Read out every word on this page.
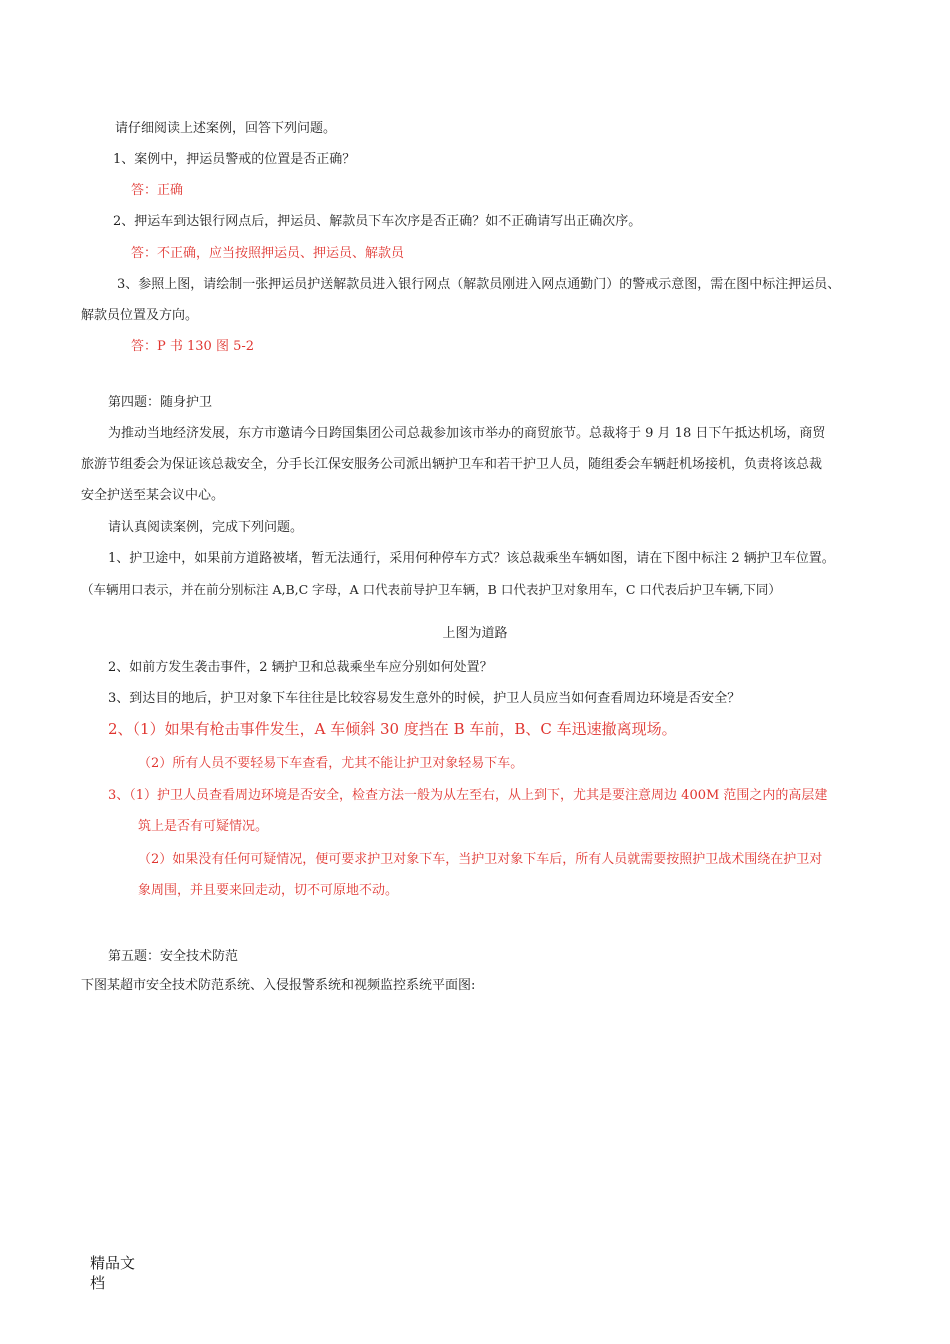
请仔细阅读上述案例，回答下列问题。
1、案例中，押运员警戒的位置是否正确？
答：正确
2、押运车到达银行网点后，押运员、解款员下车次序是否正确？如不正确请写出正确次序。
答：不正确，应当按照押运员、押运员、解款员
3、参照上图，请绘制一张押运员护送解款员进入银行网点（解款员刚进入网点通勤门）的警戒示意图，需在图中标注押运员、
解款员位置及方向。
答：P 书 130 图 5-2
第四题：随身护卫
为推动当地经济发展，东方市邀请今日跨国集团公司总裁参加该市举办的商贸旅节。总裁将于 9 月 18 日下午抵达机场，商贸
旅游节组委会为保证该总裁安全，分手长江保安服务公司派出辆护卫车和若干护卫人员，随组委会车辆赶机场接机，负责将该总裁
安全护送至某会议中心。
请认真阅读案例，完成下列问题。
1、护卫途中，如果前方道路被堵，暂无法通行，采用何种停车方式？该总裁乘坐车辆如图，请在下图中标注 2 辆护卫车位置。
（车辆用口表示，并在前分别标注 A,B,C 字母，A 口代表前导护卫车辆，B 口代表护卫对象用车，C 口代表后护卫车辆,下同）
上图为道路
2、如前方发生袭击事件，2 辆护卫和总裁乘坐车应分别如何处置？
3、到达目的地后，护卫对象下车往往是比较容易发生意外的时候，护卫人员应当如何查看周边环境是否安全？
2、（1）如果有枪击事件发生，A 车倾斜 30 度挡在 B 车前，B、C 车迅速撤离现场。
（2）所有人员不要轻易下车查看，尤其不能让护卫对象轻易下车。
3、（1）护卫人员查看周边环境是否安全，检查方法一般为从左至右，从上到下，尤其是要注意周边 400M 范围之内的高层建
筑上是否有可疑情况。
（2）如果没有任何可疑情况，便可要求护卫对象下车，当护卫对象下车后，所有人员就需要按照护卫战术围绕在护卫对
象周围，并且要来回走动，切不可原地不动。
第五题：安全技术防范
下图某超市安全技术防范系统、入侵报警系统和视频监控系统平面图:
精品文
档
